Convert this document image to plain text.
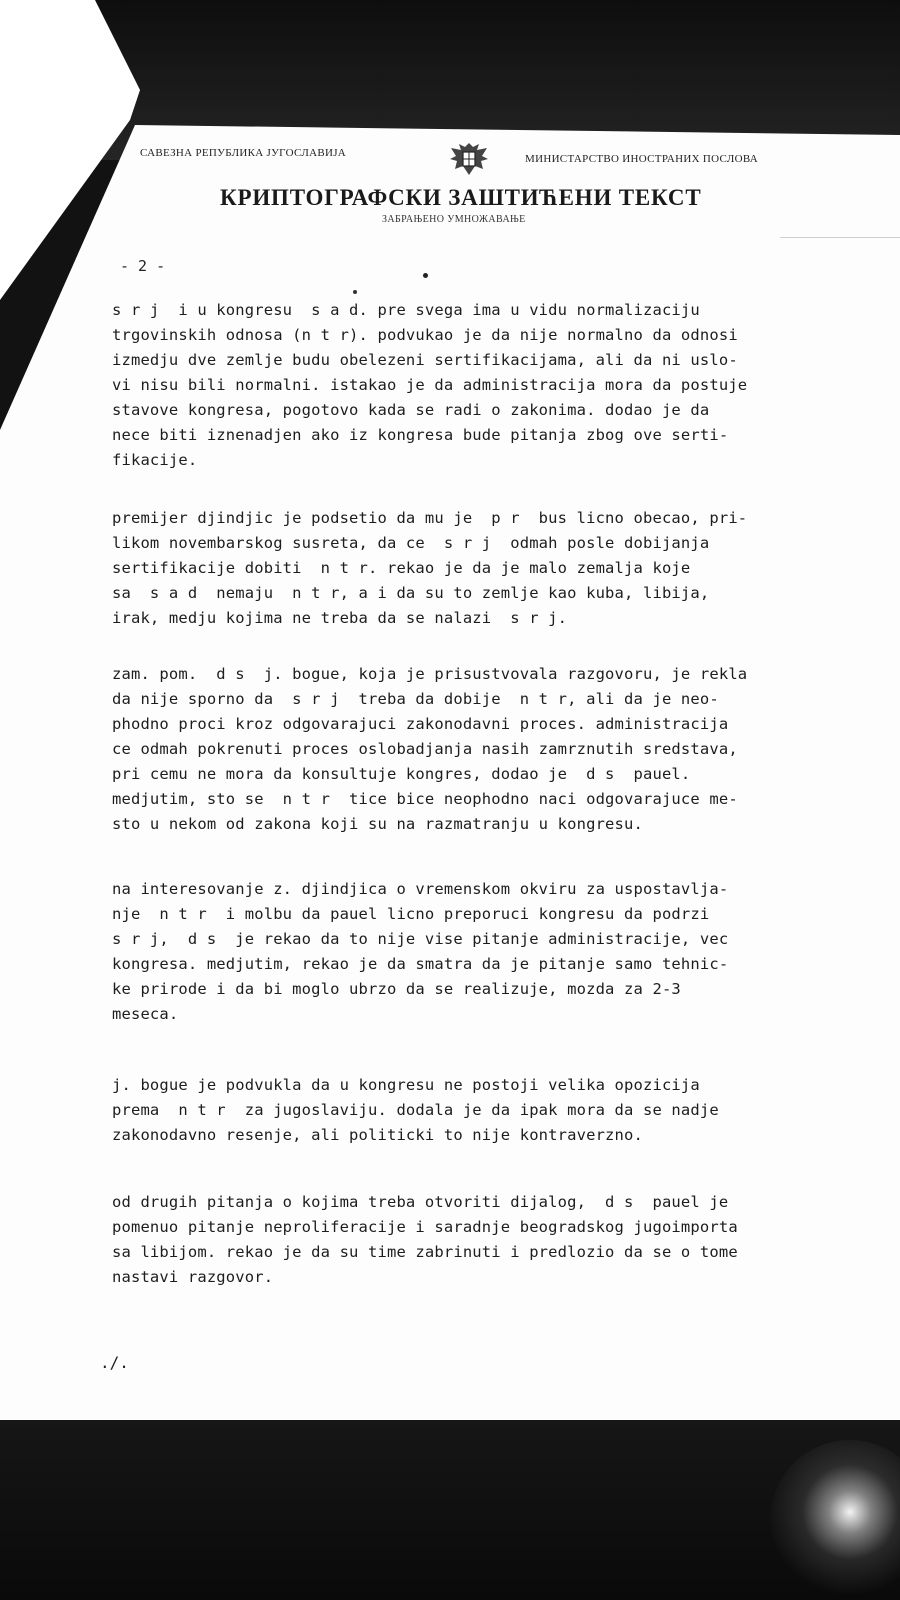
САВЕЗНА РЕПУБЛИКА ЈУГОСЛАВИЈА	МИНИСТАРСТВО ИНОСТРАНИХ ПОСЛОВА
КРИПТОГРАФСКИ ЗАШТИЋЕНИ ТЕКСТ
ЗАБРАЊЕНО УМНОЖАВАЊЕ
- 2 -
s r j  i u kongresu  s a d. pre svega ima u vidu normalizaciju
trgovinskih odnosa (n t r). podvukao je da nije normalno da odnosi
izmedju dve zemlje budu obelezeni sertifikacijama, ali da ni uslo-
vi nisu bili normalni. istakao je da administracija mora da postuje
stavove kongresa, pogotovo kada se radi o zakonima. dodao je da
nece biti iznenadjen ako iz kongresa bude pitanja zbog ove serti-
fikacije.
premijer djindjic je podsetio da mu je  p r  bus licno obecao, pri-
likom novembarskog susreta, da ce  s r j  odmah posle dobijanja
sertifikacije dobiti  n t r. rekao je da je malo zemalja koje
sa  s a d  nemaju  n t r, a i da su to zemlje kao kuba, libija,
irak, medju kojima ne treba da se nalazi  s r j.
zam. pom.  d s  j. bogue, koja je prisustvovala razgovoru, je rekla
da nije sporno da  s r j  treba da dobije  n t r, ali da je neo-
phodno proci kroz odgovarajuci zakonodavni proces. administracija
ce odmah pokrenuti proces oslobadjanja nasih zamrznutih sredstava,
pri cemu ne mora da konsultuje kongres, dodao je  d s  pauel.
medjutim, sto se  n t r  tice bice neophodno naci odgovarajuce me-
sto u nekom od zakona koji su na razmatranju u kongresu.
na interesovanje z. djindjica o vremenskom okviru za uspostavlja-
nje  n t r  i molbu da pauel licno preporuci kongresu da podrzi
s r j,  d s  je rekao da to nije vise pitanje administracije, vec
kongresa. medjutim, rekao je da smatra da je pitanje samo tehnic-
ke prirode i da bi moglo ubrzo da se realizuje, mozda za 2-3
meseca.
j. bogue je podvukla da u kongresu ne postoji velika opozicija
prema  n t r  za jugoslaviju. dodala je da ipak mora da se nadje
zakonodavno resenje, ali politicki to nije kontraverzno.
od drugih pitanja o kojima treba otvoriti dijalog,  d s  pauel je
pomenuo pitanje neproliferacije i saradnje beogradskog jugoimporta
sa libijom. rekao je da su time zabrinuti i predlozio da se o tome
nastavi razgovor.
./.
